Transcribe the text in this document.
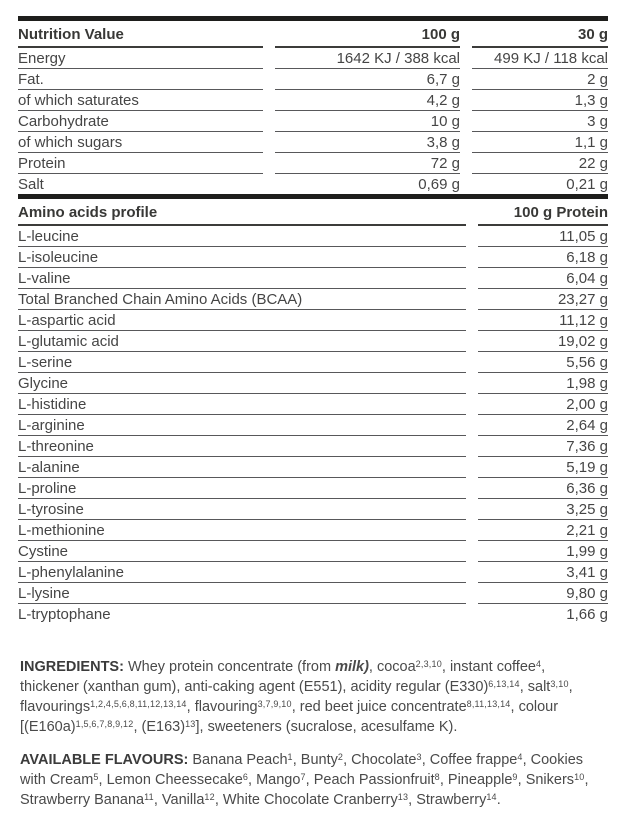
Nutrition Value	100 g	30 g
Energy	1642 KJ / 388 kcal	499 KJ / 118 kcal
Fat.	6,7 g	2 g
of which saturates	4,2 g	1,3 g
Carbohydrate	10 g	3 g
of which sugars	3,8 g	1,1 g
Protein	72 g	22 g
Salt	0,69 g	0,21 g
Amino acids profile	100 g Protein
L-leucine	11,05 g
L-isoleucine	6,18 g
L-valine	6,04 g
Total Branched Chain Amino Acids (BCAA)	23,27 g
L-aspartic acid	11,12 g
L-glutamic acid	19,02 g
L-serine	5,56 g
Glycine	1,98 g
L-histidine	2,00 g
L-arginine	2,64 g
L-threonine	7,36 g
L-alanine	5,19 g
L-proline	6,36 g
L-tyrosine	3,25 g
L-methionine	2,21 g
Cystine	1,99 g
L-phenylalanine	3,41 g
L-lysine	9,80 g
L-tryptophane	1,66 g

INGREDIENTS: Whey protein concentrate (from milk), cocoa$^{2,3,10}$, instant coffee$^4$, thickener (xanthan gum), anti-caking agent (E551), acidity regular $(E330)^{6,13,14}$, salt$^{3,10}$, flavourings$^{1,2,4,5,6,8,11,12,13,14}$, flavouring$^{3,7,9,10}$, red beet juice concentrate$^{8,11,13,14}$, colour [$(E160a)^{1,5,6,7,8,9,12}$, $(E163)^{13}$], sweeteners (sucralose, acesulfame K).

AVAILABLE FLAVOURS: Banana Peach$^1$, Bunty$^2$, Chocolate$^3$, Coffee frappe$^4$, Cookies with Cream$^5$, Lemon Cheessecake$^6$, Mango$^7$, Peach Passionfruit$^8$, Pineapple$^9$, Snikers$^{10}$, Strawberry Banana$^{11}$, Vanilla$^{12}$, White Chocolate Cranberry$^{13}$, Strawberry$^{14}$.
